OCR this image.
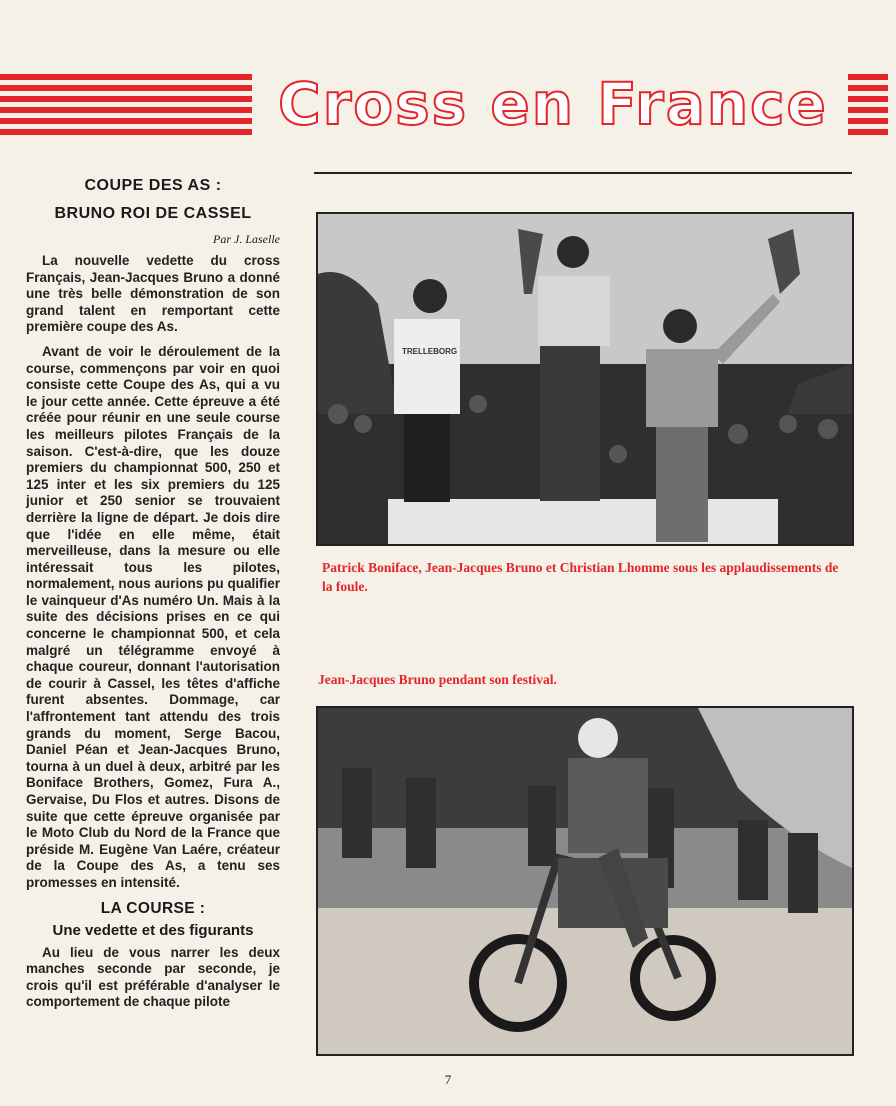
Cross en France
COUPE DES AS :
BRUNO ROI DE CASSEL
Par J. Laselle

La nouvelle vedette du cross Français, Jean-Jacques Bruno a donné une très belle démonstration de son grand talent en remportant cette première coupe des As.

Avant de voir le déroulement de la course, commençons par voir en quoi consiste cette Coupe des As, qui a vu le jour cette année. Cette épreuve a été créée pour réunir en une seule course les meilleurs pilotes Français de la saison. C'est-à-dire, que les douze premiers du championnat 500, 250 et 125 inter et les six premiers du 125 junior et 250 senior se trouvaient derrière la ligne de départ. Je dois dire que l'idée en elle même, était merveilleuse, dans la mesure ou elle intéressait tous les pilotes, normalement, nous aurions pu qualifier le vainqueur d'As numéro Un. Mais à la suite des décisions prises en ce qui concerne le championnat 500, et cela malgré un télégramme envoyé à chaque coureur, donnant l'autorisation de courir à Cassel, les têtes d'affiche furent absentes. Dommage, car l'affrontement tant attendu des trois grands du moment, Serge Bacou, Daniel Péan et Jean-Jacques Bruno, tourna à un duel à deux, arbitré par les Boniface Brothers, Gomez, Fura A., Gervaise, Du Flos et autres. Disons de suite que cette épreuve organisée par le Moto Club du Nord de la France que préside M. Eugène Van Laére, créateur de la Coupe des As, a tenu ses promesses en intensité.

LA COURSE :
Une vedette et des figurants

Au lieu de vous narrer les deux manches seconde par seconde, je crois qu'il est préférable d'analyser le comportement de chaque pilote

TRELLEBORG
Patrick Boniface, Jean-Jacques Bruno et Christian Lhomme sous les applaudissements de la foule.
Jean-Jacques Bruno pendant son festival.
7
